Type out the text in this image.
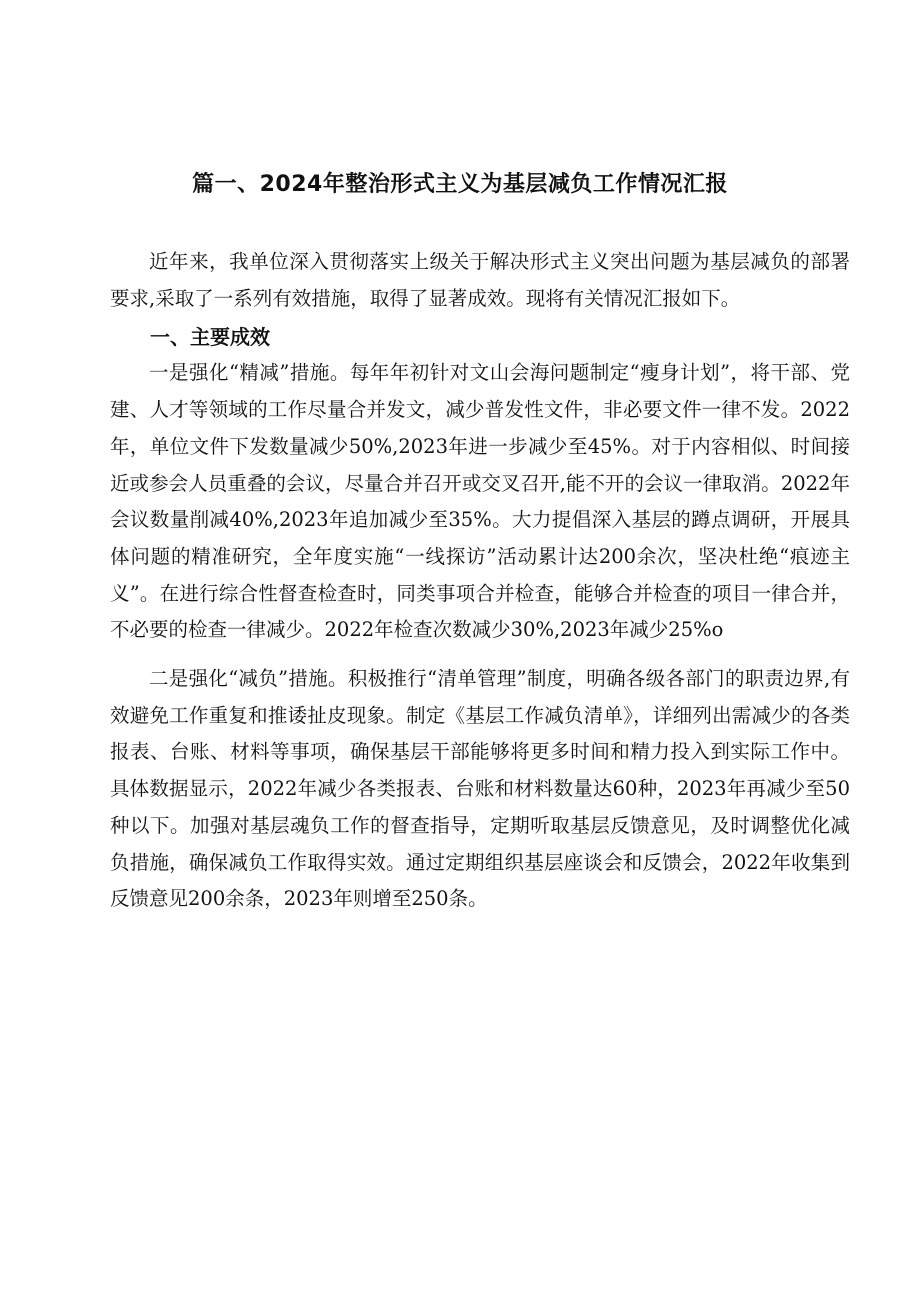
篇一、2024年整治形式主义为基层减负工作情况汇报

近年来，我单位深入贯彻落实上级关于解决形式主义突出问题为基层减负的部署要求,采取了一系列有效措施，取得了显著成效。现将有关情况汇报如下。

一、主要成效

一是强化“精减”措施。每年年初针对文山会海问题制定“瘦身计划”，将干部、党建、人才等领域的工作尽量合并发文，减少普发性文件，非必要文件一律不发。2022年，单位文件下发数量减少50%,2023年进一步减少至45%。对于内容相似、时间接近或参会人员重叠的会议，尽量合并召开或交叉召开,能不开的会议一律取消。2022年会议数量削减40%,2023年追加减少至35%。大力提倡深入基层的蹲点调研，开展具体问题的精准研究，全年度实施“一线探访”活动累计达200余次，坚决杜绝“痕迹主义”。在进行综合性督查检查时，同类事项合并检查，能够合并检查的项目一律合并，不必要的检查一律减少。2022年检查次数减少30%,2023年减少25%o

二是强化“减负”措施。积极推行“清单管理”制度，明确各级各部门的职责边界,有效避免工作重复和推诿扯皮现象。制定《基层工作减负清单》，详细列出需减少的各类报表、台账、材料等事项，确保基层干部能够将更多时间和精力投入到实际工作中。具体数据显示，2022年减少各类报表、台账和材料数量达60种，2023年再减少至50种以下。加强对基层魂负工作的督查指导，定期听取基层反馈意见，及时调整优化减负措施，确保减负工作取得实效。通过定期组织基层座谈会和反馈会，2022年收集到反馈意见200余条，2023年则增至250条。
